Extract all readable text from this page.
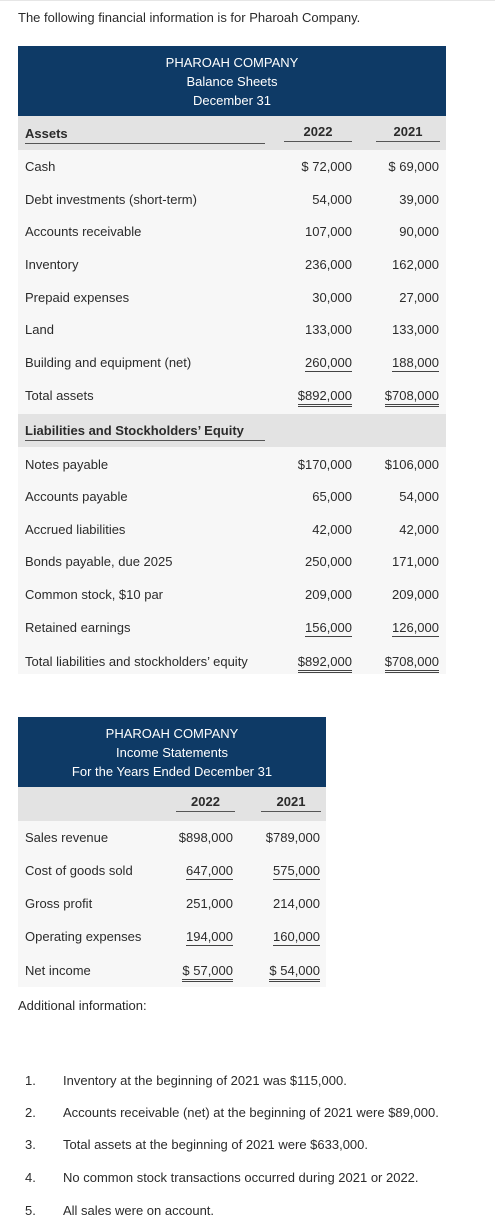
The following financial information is for Pharoah Company.
PHAROAH COMPANY
Balance Sheets
December 31
Assets	2022	2021
Cash	$ 72,000	$ 69,000
Debt investments (short-term)	54,000	39,000
Accounts receivable	107,000	90,000
Inventory	236,000	162,000
Prepaid expenses	30,000	27,000
Land	133,000	133,000
Building and equipment (net)	260,000	188,000
Total assets	$892,000	$708,000
Liabilities and Stockholders’ Equity
Notes payable	$170,000	$106,000
Accounts payable	65,000	54,000
Accrued liabilities	42,000	42,000
Bonds payable, due 2025	250,000	171,000
Common stock, $10 par	209,000	209,000
Retained earnings	156,000	126,000
Total liabilities and stockholders’ equity	$892,000	$708,000
PHAROAH COMPANY
Income Statements
For the Years Ended December 31
2022	2021
Sales revenue	$898,000	$789,000
Cost of goods sold	647,000	575,000
Gross profit	251,000	214,000
Operating expenses	194,000	160,000
Net income	$ 57,000	$ 54,000
Additional information:
1. Inventory at the beginning of 2021 was $115,000.
2. Accounts receivable (net) at the beginning of 2021 were $89,000.
3. Total assets at the beginning of 2021 were $633,000.
4. No common stock transactions occurred during 2021 or 2022.
5. All sales were on account.
